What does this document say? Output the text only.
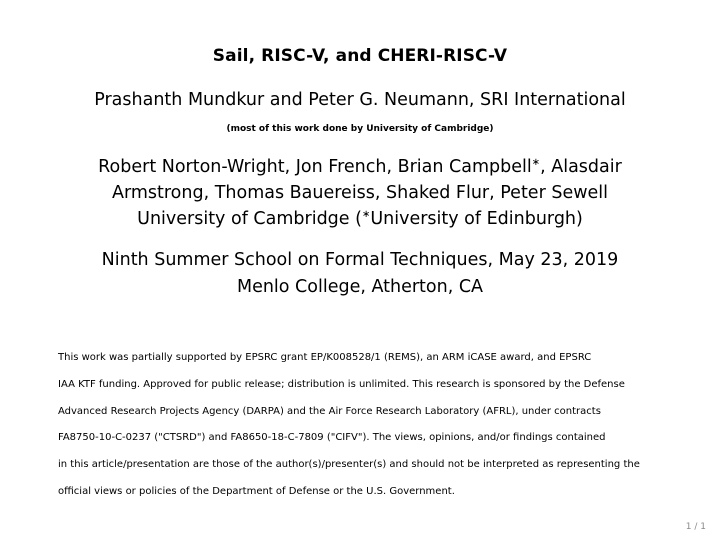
Sail, RISC-V, and CHERI-RISC-V
Prashanth Mundkur and Peter G. Neumann, SRI International
(most of this work done by University of Cambridge)
Robert Norton-Wright, Jon French, Brian Campbell∗, Alasdair
Armstrong, Thomas Bauereiss, Shaked Flur, Peter Sewell
University of Cambridge (∗University of Edinburgh)
Ninth Summer School on Formal Techniques, May 23, 2019
Menlo College, Atherton, CA
This work was partially supported by EPSRC grant EP/K008528/1 (REMS), an ARM iCASE award, and EPSRC
IAA KTF funding. Approved for public release; distribution is unlimited. This research is sponsored by the Defense
Advanced Research Projects Agency (DARPA) and the Air Force Research Laboratory (AFRL), under contracts
FA8750-10-C-0237 ("CTSRD") and FA8650-18-C-7809 ("CIFV"). The views, opinions, and/or findings contained
in this article/presentation are those of the author(s)/presenter(s) and should not be interpreted as representing the
official views or policies of the Department of Defense or the U.S. Government.
1 / 1
